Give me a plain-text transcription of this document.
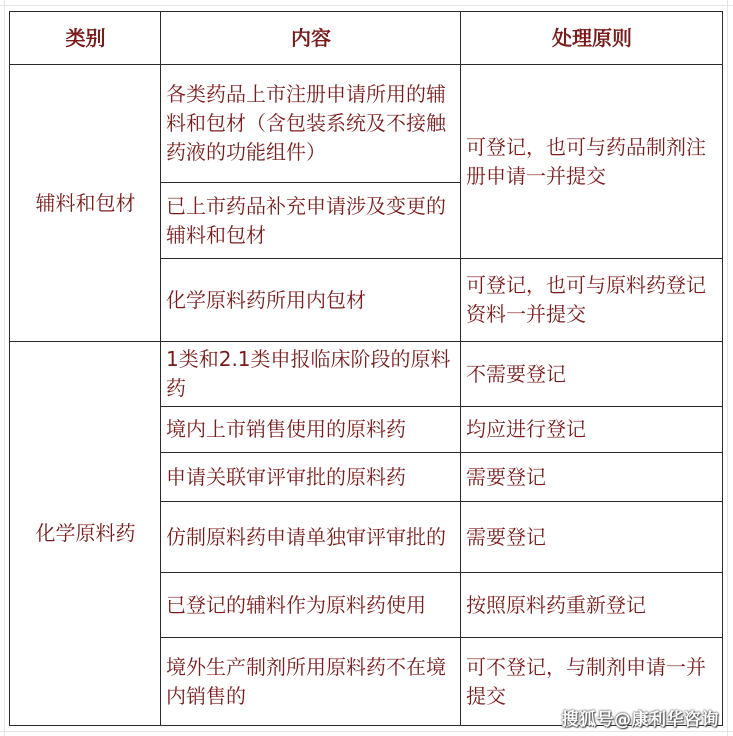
类别	内容	处理原则
辅料和包材	各类药品上市注册申请所用的辅料和包材（含包装系统及不接触药液的功能组件）	可登记，也可与药品制剂注册申请一并提交
	已上市药品补充申请涉及变更的辅料和包材	
	化学原料药所用内包材	可登记，也可与原料药登记资料一并提交
化学原料药	1类和2.1类申报临床阶段的原料药	不需要登记
	境内上市销售使用的原料药	均应进行登记
	申请关联审评审批的原料药	需要登记
	仿制原料药申请单独审评审批的	需要登记
	已登记的辅料作为原料药使用	按照原料药重新登记
	境外生产制剂所用原料药不在境内销售的	可不登记，与制剂申请一并提交
搜狐号@康利华咨询
